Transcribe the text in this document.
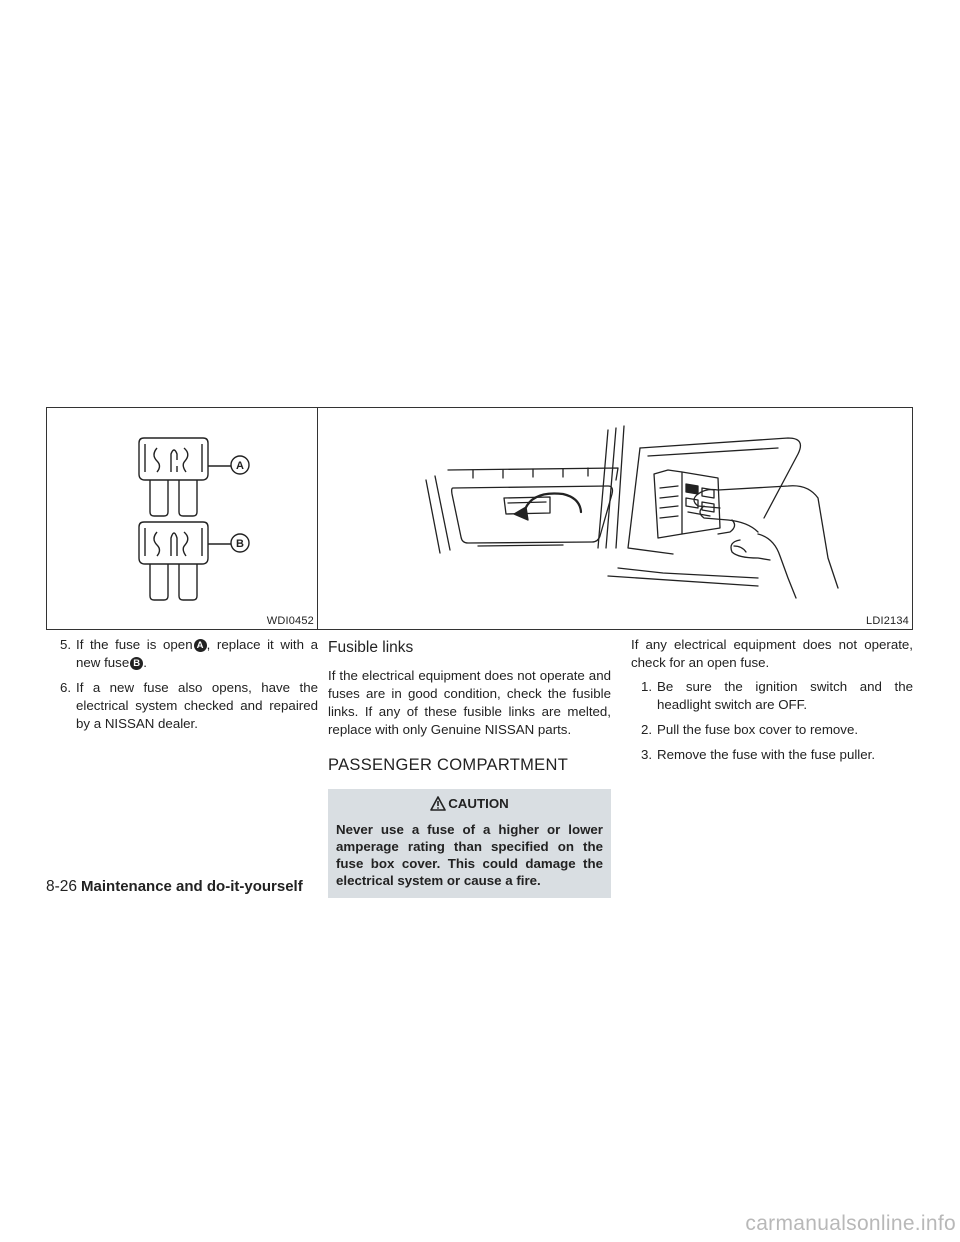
A
B
WDI0452	LDI2134
5. If the fuse is open A , replace it with a new fuse B .
6. If a new fuse also opens, have the electrical system checked and repaired by a NISSAN dealer.
Fusible links
If the electrical equipment does not operate and fuses are in good condition, check the fusible links. If any of these fusible links are melted, replace with only Genuine NISSAN parts.
PASSENGER COMPARTMENT
CAUTION
Never use a fuse of a higher or lower amperage rating than specified on the fuse box cover. This could damage the electrical system or cause a fire.
If any electrical equipment does not operate, check for an open fuse.
1. Be sure the ignition switch and the headlight switch are OFF.
2. Pull the fuse box cover to remove.
3. Remove the fuse with the fuse puller.
8-26 Maintenance and do-it-yourself
carmanualsonline.info
